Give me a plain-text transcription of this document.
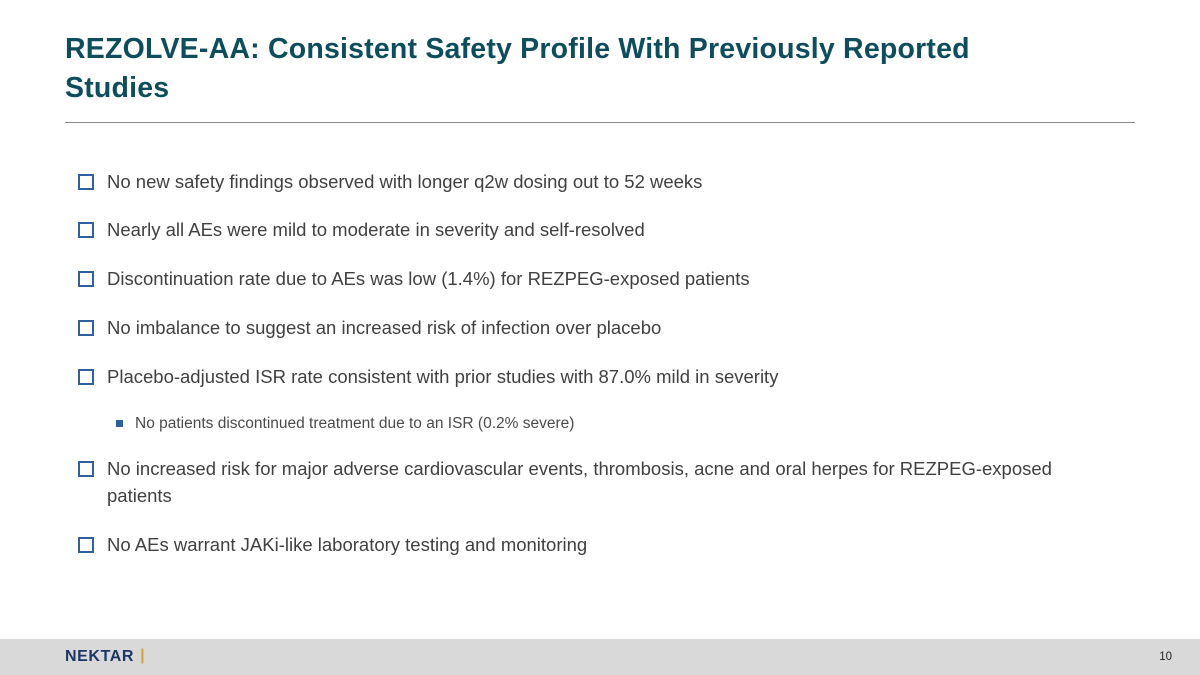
REZOLVE-AA: Consistent Safety Profile With Previously Reported Studies
No new safety findings observed with longer q2w dosing out to 52 weeks
Nearly all AEs were mild to moderate in severity and self-resolved
Discontinuation rate due to AEs was low (1.4%) for REZPEG-exposed patients
No imbalance to suggest an increased risk of infection over placebo
Placebo-adjusted ISR rate consistent with prior studies with 87.0% mild in severity
No patients discontinued treatment due to an ISR (0.2% severe)
No increased risk for major adverse cardiovascular events, thrombosis, acne and oral herpes for REZPEG-exposed patients
No AEs warrant JAKi-like laboratory testing and monitoring
NEKTAR |	10
